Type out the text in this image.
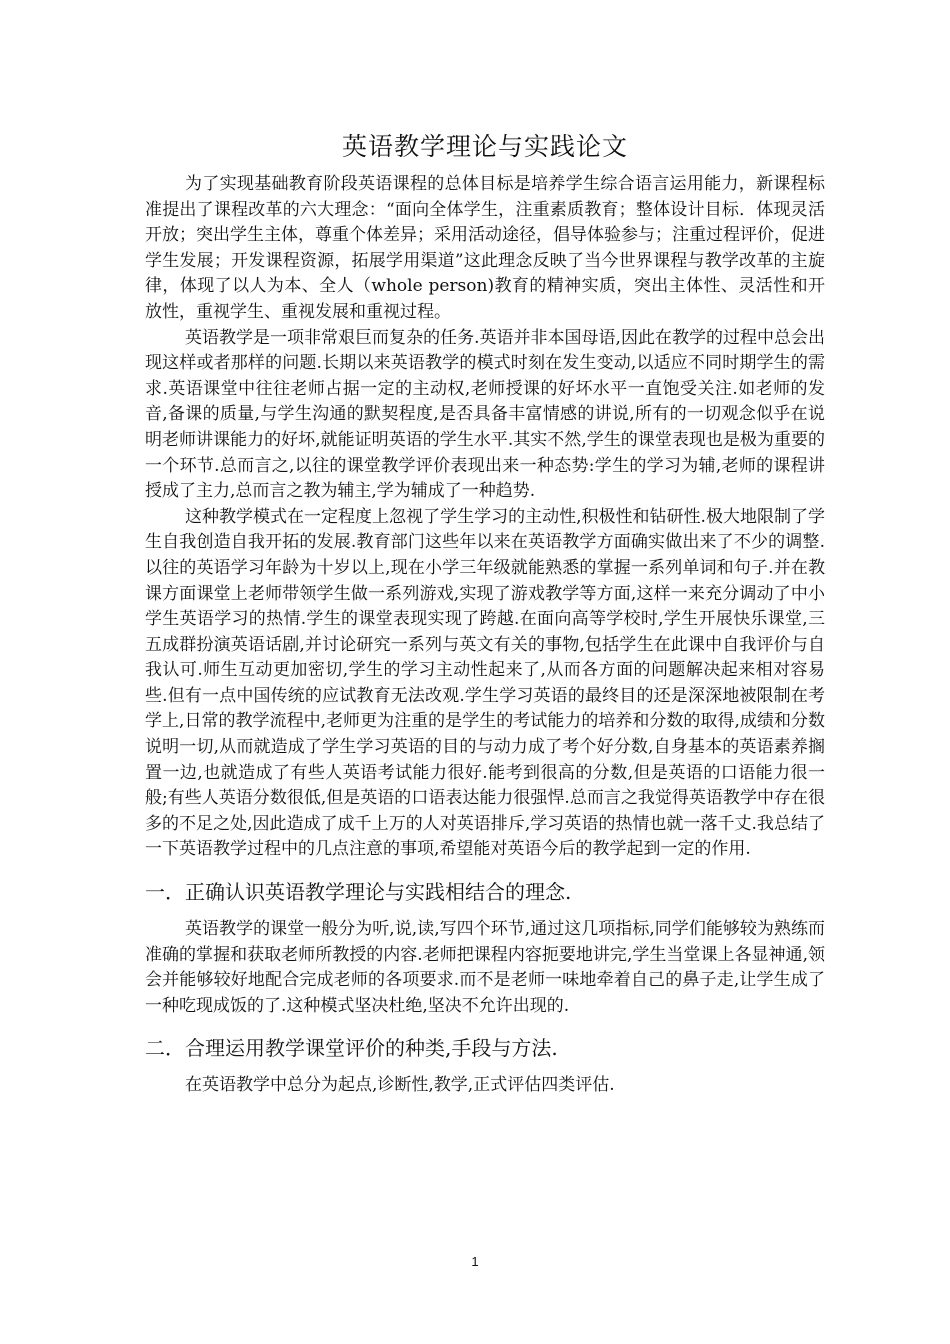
英语教学理论与实践论文

为了实现基础教育阶段英语课程的总体目标是培养学生综合语言运用能力，新课程标准提出了课程改革的六大理念：“面向全体学生，注重素质教育；整体设计目标．体现灵活开放；突出学生主体，尊重个体差异；采用活动途径，倡导体验参与；注重过程评价，促进学生发展；开发课程资源，拓展学用渠道”这此理念反映了当今世界课程与教学改革的主旋律，体现了以人为本、全人（whole person)教育的精神实质，突出主体性、灵活性和开放性，重视学生、重视发展和重视过程。

英语教学是一项非常艰巨而复杂的任务.英语并非本国母语,因此在教学的过程中总会出现这样或者那样的问题.长期以来英语教学的模式时刻在发生变动,以适应不同时期学生的需求.英语课堂中往往老师占据一定的主动权,老师授课的好坏水平一直饱受关注.如老师的发音,备课的质量,与学生沟通的默契程度,是否具备丰富情感的讲说,所有的一切观念似乎在说明老师讲课能力的好坏,就能证明英语的学生水平.其实不然,学生的课堂表现也是极为重要的一个环节.总而言之,以往的课堂教学评价表现出来一种态势:学生的学习为辅,老师的课程讲授成了主力,总而言之教为辅主,学为辅成了一种趋势.

这种教学模式在一定程度上忽视了学生学习的主动性,积极性和钻研性.极大地限制了学生自我创造自我开拓的发展.教育部门这些年以来在英语教学方面确实做出来了不少的调整.以往的英语学习年龄为十岁以上,现在小学三年级就能熟悉的掌握一系列单词和句子.并在教课方面课堂上老师带领学生做一系列游戏,实现了游戏教学等方面,这样一来充分调动了中小学生英语学习的热情.学生的课堂表现实现了跨越.在面向高等学校时,学生开展快乐课堂,三五成群扮演英语话剧,并讨论研究一系列与英文有关的事物,包括学生在此课中自我评价与自我认可.师生互动更加密切,学生的学习主动性起来了,从而各方面的问题解决起来相对容易些.但有一点中国传统的应试教育无法改观.学生学习英语的最终目的还是深深地被限制在考学上,日常的教学流程中,老师更为注重的是学生的考试能力的培养和分数的取得,成绩和分数说明一切,从而就造成了学生学习英语的目的与动力成了考个好分数,自身基本的英语素养搁置一边,也就造成了有些人英语考试能力很好.能考到很高的分数,但是英语的口语能力很一般;有些人英语分数很低,但是英语的口语表达能力很强悍.总而言之我觉得英语教学中存在很多的不足之处,因此造成了成千上万的人对英语排斥,学习英语的热情也就一落千丈.我总结了一下英语教学过程中的几点注意的事项,希望能对英语今后的教学起到一定的作用.

一．正确认识英语教学理论与实践相结合的理念.

英语教学的课堂一般分为听,说,读,写四个环节,通过这几项指标,同学们能够较为熟练而准确的掌握和获取老师所教授的内容.老师把课程内容扼要地讲完,学生当堂课上各显神通,领会并能够较好地配合完成老师的各项要求.而不是老师一味地牵着自己的鼻子走,让学生成了一种吃现成饭的了.这种模式坚决杜绝,坚决不允许出现的.

二．合理运用教学课堂评价的种类,手段与方法.

在英语教学中总分为起点,诊断性,教学,正式评估四类评估.

1
